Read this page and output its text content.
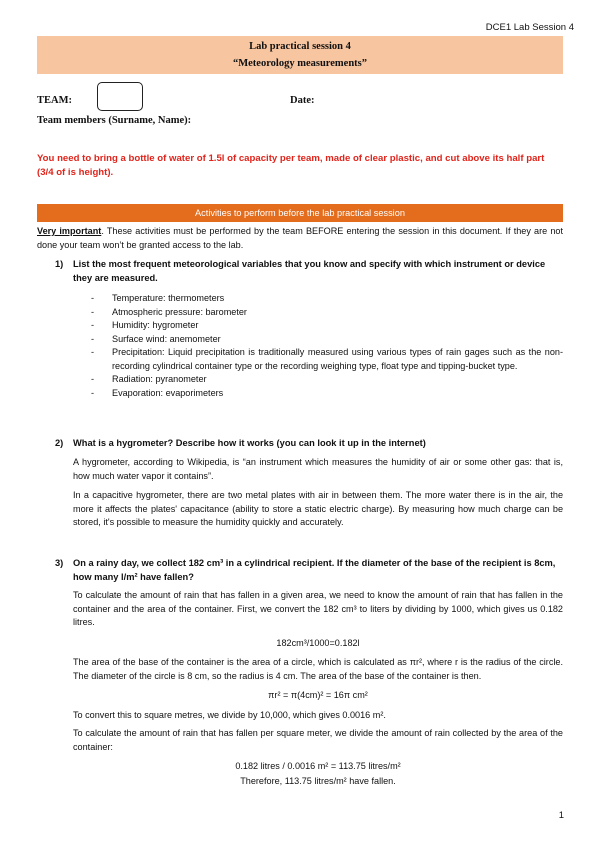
DCE1 Lab Session 4
Lab practical session 4
“Meteorology measurements”
TEAM:	Date:
Team members (Surname, Name):
You need to bring a bottle of water of 1.5l of capacity per team, made of clear plastic, and cut above its half part (3/4 of is height).
Activities to perform before the lab practical session
Very important. These activities must be performed by the team BEFORE entering the session in this document. If they are not done your team won’t be granted access to the lab.
1)	List the most frequent meteorological variables that you know and specify with which instrument or device they are measured.
- Temperature: thermometers
- Atmospheric pressure: barometer
- Humidity: hygrometer
- Surface wind: anemometer
- Precipitation: Liquid precipitation is traditionally measured using various types of rain gages such as the non-recording cylindrical container type or the recording weighing type, float type and tipping-bucket type.
- Radiation: pyranometer
- Evaporation: evaporimeters
2)	What is a hygrometer? Describe how it works (you can look it up in the internet)
A hygrometer, according to Wikipedia, is “an instrument which measures the humidity of air or some other gas: that is, how much water vapor it contains”.
In a capacitive hygrometer, there are two metal plates with air in between them. The more water there is in the air, the more it affects the plates' capacitance (ability to store a static electric charge). By measuring how much charge can be stored, it's possible to measure the humidity quickly and accurately.
3)	On a rainy day, we collect 182 cm³ in a cylindrical recipient. If the diameter of the base of the recipient is 8cm, how many l/m² have fallen?
To calculate the amount of rain that has fallen in a given area, we need to know the amount of rain that has fallen in the container and the area of the container. First, we convert the 182 cm³ to liters by dividing by 1000, which gives us 0.182 litres.
182cm³/1000=0.182l
The area of the base of the container is the area of a circle, which is calculated as πr², where r is the radius of the circle. The diameter of the circle is 8 cm, so the radius is 4 cm. The area of the base of the container is then.
πr² = π(4cm)² = 16π cm²
To convert this to square metres, we divide by 10,000, which gives 0.0016 m².
To calculate the amount of rain that has fallen per square meter, we divide the amount of rain collected by the area of the container:
0.182 litres / 0.0016 m² = 113.75 litres/m²
Therefore, 113.75 litres/m² have fallen.
1
